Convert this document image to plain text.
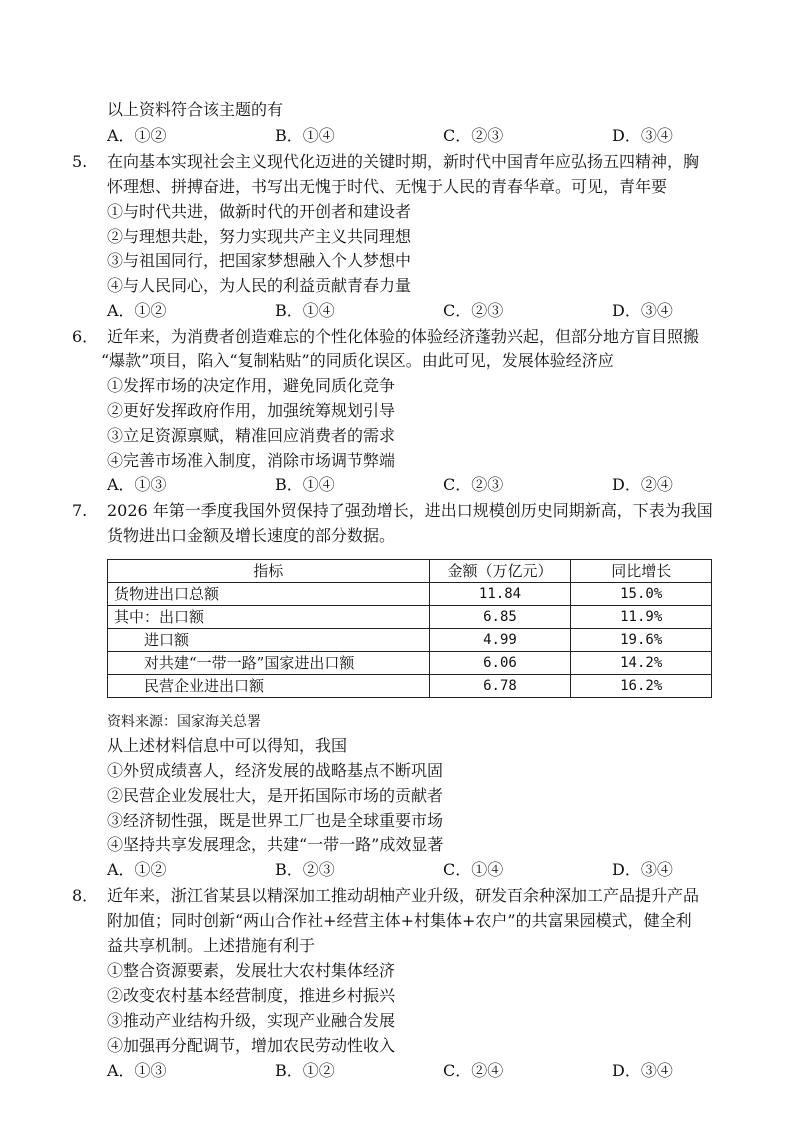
以上资料符合该主题的有
A．①②	B．①④	C．②③	D．③④
5. 在向基本实现社会主义现代化迈进的关键时期，新时代中国青年应弘扬五四精神，胸
怀理想、拼搏奋进，书写出无愧于时代、无愧于人民的青春华章。可见，青年要
①与时代共进，做新时代的开创者和建设者
②与理想共赴，努力实现共产主义共同理想
③与祖国同行，把国家梦想融入个人梦想中
④与人民同心，为人民的利益贡献青春力量
A．①②	B．①④	C．②③	D．③④
6． 近年来，为消费者创造难忘的个性化体验的体验经济蓬勃兴起，但部分地方盲目照搬
“爆款”项目，陷入“复制粘贴”的同质化误区。由此可见，发展体验经济应
①发挥市场的决定作用，避免同质化竞争
②更好发挥政府作用，加强统筹规划引导
③立足资源禀赋，精准回应消费者的需求
④完善市场准入制度，消除市场调节弊端
A．①③	B．①④	C．②③	D．②④
7. 2026 年第一季度我国外贸保持了强劲增长，进出口规模创历史同期新高，下表为我国
货物进出口金额及增长速度的部分数据。
指标	金额（万亿元）	同比增长
货物进出口总额	11.84	15.0%
其中：出口额	6.85	11.9%
进口额	4.99	19.6%
对共建“一带一路”国家进出口额	6.06	14.2%
民营企业进出口额	6.78	16.2%
资料来源：国家海关总署
从上述材料信息中可以得知，我国
①外贸成绩喜人，经济发展的战略基点不断巩固
②民营企业发展壮大，是开拓国际市场的贡献者
③经济韧性强，既是世界工厂也是全球重要市场
④坚持共享发展理念，共建“一带一路”成效显著
A．①②	B．②③	C．①④	D．③④
8． 近年来，浙江省某县以精深加工推动胡柚产业升级，研发百余种深加工产品提升产品
附加值；同时创新“两山合作社+经营主体+村集体+农户”的共富果园模式，健全利
益共享机制。上述措施有利于
①整合资源要素，发展壮大农村集体经济
②改变农村基本经营制度，推进乡村振兴
③推动产业结构升级，实现产业融合发展
④加强再分配调节，增加农民劳动性收入
A．①③	B．①②	C．②④	D．③④
